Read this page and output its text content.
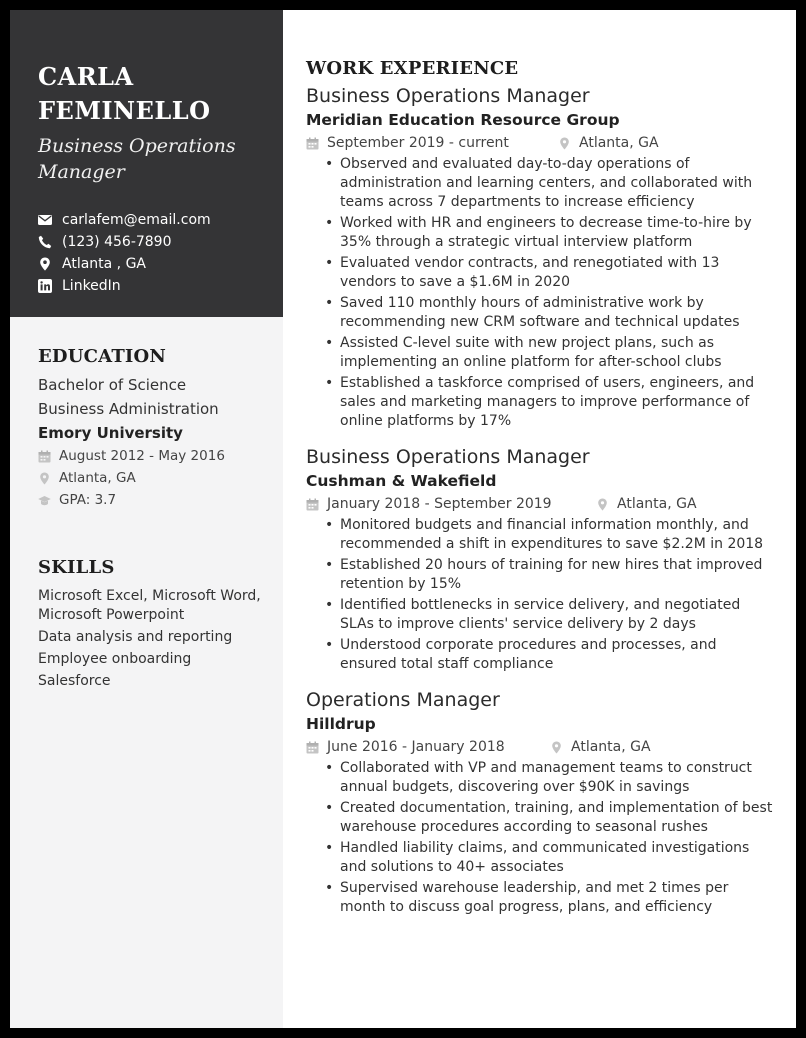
CARLA FEMINELLO
Business Operations Manager
carlafem@email.com
(123) 456-7890
Atlanta , GA
LinkedIn
EDUCATION
Bachelor of Science
Business Administration
Emory University
August 2012 - May 2016
Atlanta, GA
GPA: 3.7
SKILLS
Microsoft Excel, Microsoft Word, Microsoft Powerpoint
Data analysis and reporting
Employee onboarding
Salesforce
WORK EXPERIENCE
Business Operations Manager
Meridian Education Resource Group
September 2019 - current	Atlanta, GA
• Observed and evaluated day-to-day operations of administration and learning centers, and collaborated with teams across 7 departments to increase efficiency
• Worked with HR and engineers to decrease time-to-hire by 35% through a strategic virtual interview platform
• Evaluated vendor contracts, and renegotiated with 13 vendors to save a $1.6M in 2020
• Saved 110 monthly hours of administrative work by recommending new CRM software and technical updates
• Assisted C-level suite with new project plans, such as implementing an online platform for after-school clubs
• Established a taskforce comprised of users, engineers, and sales and marketing managers to improve performance of online platforms by 17%
Business Operations Manager
Cushman & Wakefield
January 2018 - September 2019	Atlanta, GA
• Monitored budgets and financial information monthly, and recommended a shift in expenditures to save $2.2M in 2018
• Established 20 hours of training for new hires that improved retention by 15%
• Identified bottlenecks in service delivery, and negotiated SLAs to improve clients' service delivery by 2 days
• Understood corporate procedures and processes, and ensured total staff compliance
Operations Manager
Hilldrup
June 2016 - January 2018	Atlanta, GA
• Collaborated with VP and management teams to construct annual budgets, discovering over $90K in savings
• Created documentation, training, and implementation of best warehouse procedures according to seasonal rushes
• Handled liability claims, and communicated investigations and solutions to 40+ associates
• Supervised warehouse leadership, and met 2 times per month to discuss goal progress, plans, and efficiency
